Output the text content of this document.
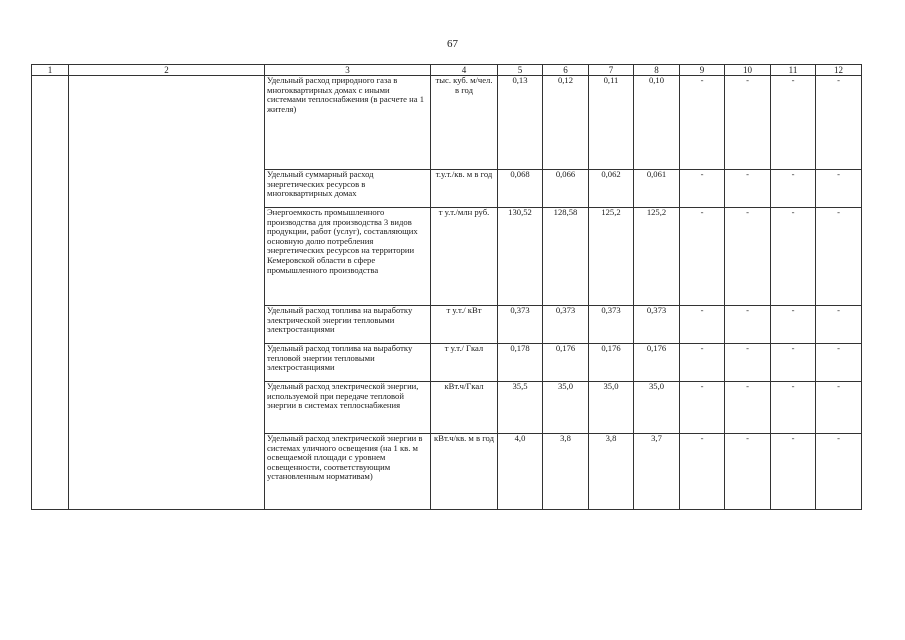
67
1	2	3	4	5	6	7	8	9	10	11	12
		Удельный расход природного газа в многоквартирных домах с иными системами теплоснабжения (в расчете на 1 жителя)	тыс. куб. м/чел. в год	0,13	0,12	0,11	0,10	-	-	-	-
		Удельный суммарный расход энергетических ресурсов в многоквартирных домах	т.у.т./кв. м в год	0,068	0,066	0,062	0,061	-	-	-	-
		Энергоемкость промышленного производства для производства 3 видов продукции, работ (услуг), составляющих основную долю потребления энергетических ресурсов на территории Кемеровской области в сфере промышленного производства	т у.т./млн руб.	130,52	128,58	125,2	125,2	-	-	-	-
		Удельный расход топлива на выработку электрической энергии тепловыми электростанциями	т у.т./ кВт	0,373	0,373	0,373	0,373	-	-	-	-
		Удельный расход топлива на выработку тепловой энергии тепловыми электростанциями	т у.т./ Гкал	0,178	0,176	0,176	0,176	-	-	-	-
		Удельный расход электрической энергии, используемой при передаче тепловой энергии в системах теплоснабжения	кВт.ч/Гкал	35,5	35,0	35,0	35,0	-	-	-	-
		Удельный расход электрической энергии в системах уличного освещения (на 1 кв. м освещаемой площади с уровнем освещенности, соответствующим установленным нормативам)	кВт.ч/кв. м в год	4,0	3,8	3,8	3,7	-	-	-	-
